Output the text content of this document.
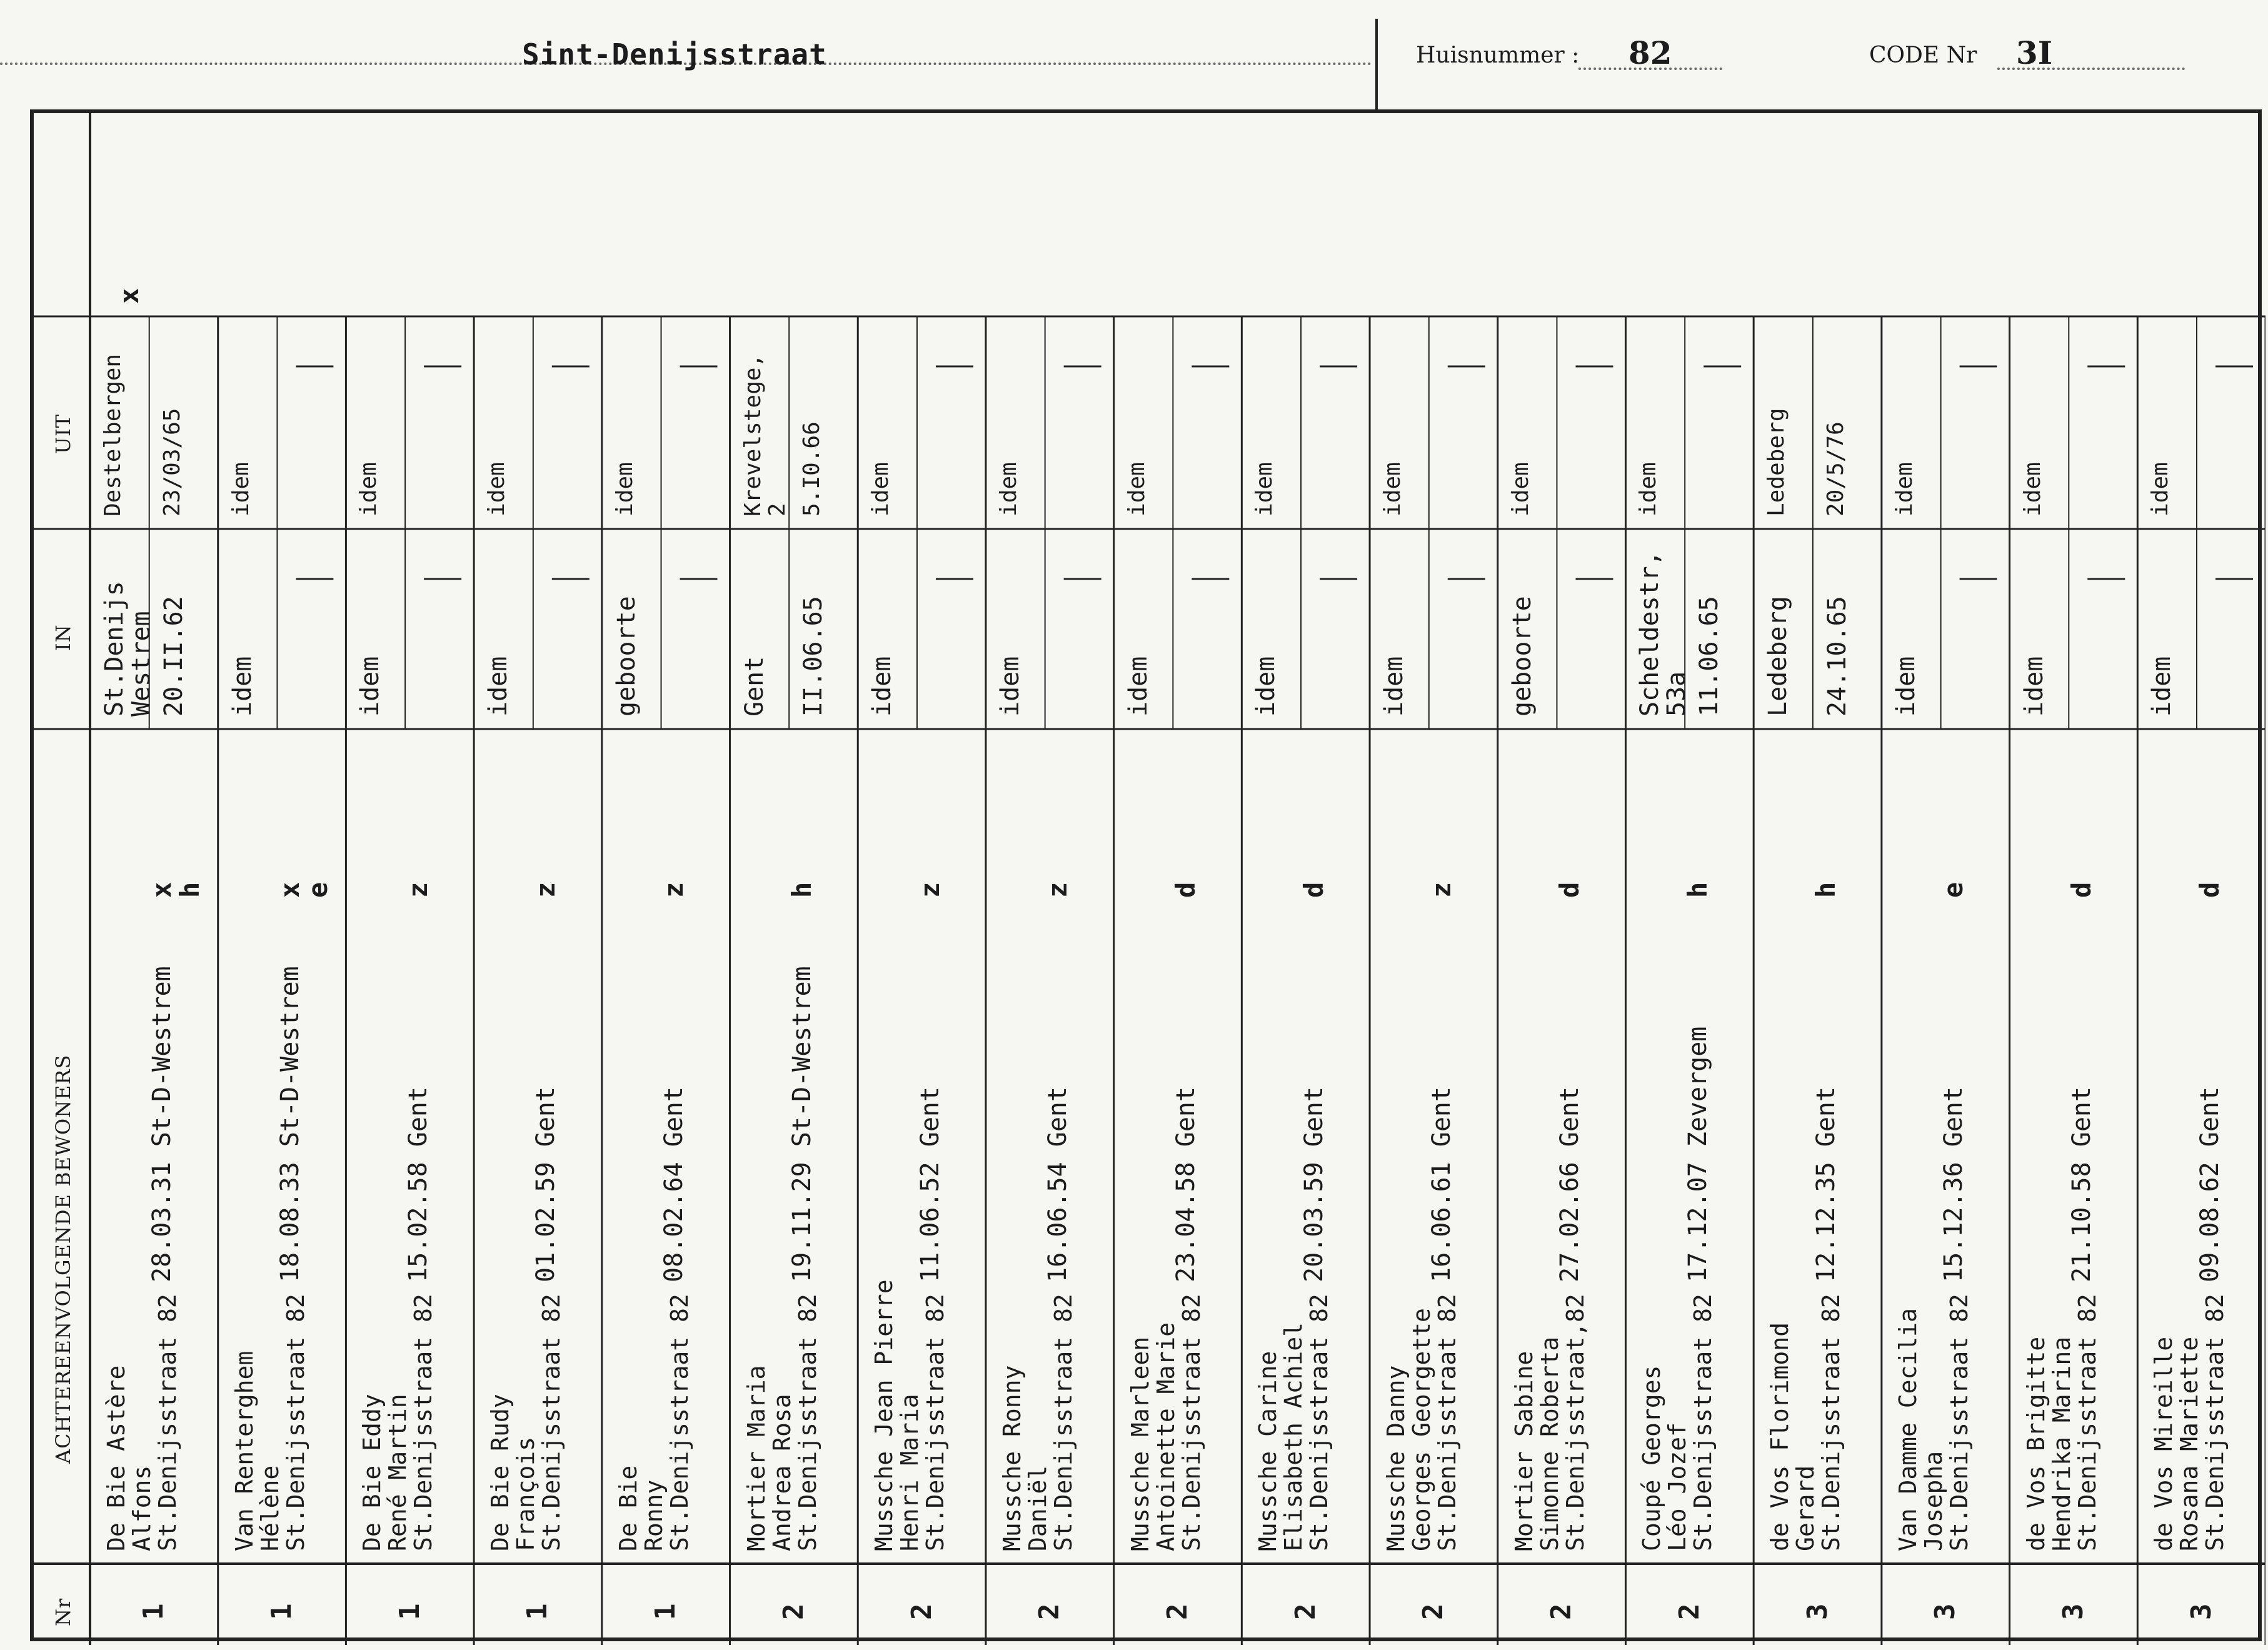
Sint-Denijsstraat	Huisnummer : 82	CODE Nr 3I
Nr
ACHTEREENVOLGENDE BEWONERS
IN
UIT
1
De Bie Astère
Alfons
St.Denijsstraat 82
28.03.31 St-D-Westrem
x
h
St.Denijs
Westrem 20.II.62
Destelbergen 23/03/65
x
1
Van Renterghem
Hélène
St.Denijsstraat 82
18.08.33 St-D-Westrem
x
e
idem
idem
1
De Bie Eddy
René Martin
St.Denijsstraat 82
15.02.58 Gent
z
idem
idem
1
De Bie Rudy
François
St.Denijsstraat 82
01.02.59 Gent
z
idem
idem
1
De Bie
Ronny
St.Denijsstraat 82
08.02.64 Gent
z
geboorte
idem
2
Mortier Maria
Andrea Rosa
St.Denijsstraat 82
19.11.29 St-D-Westrem
h
Gent II.06.65
Krevelstege,
2 5.I0.66
2
Mussche Jean Pierre
Henri Maria
St.Denijsstraat 82
11.06.52 Gent
z
idem
idem
2
Mussche Ronny
Daniël
St.Denijsstraat 82
16.06.54 Gent
z
idem
idem
2
Mussche Marleen
Antoinette Marie
St.Denijsstraat 82
23.04.58 Gent
d
idem
idem
2
Mussche Carine
Elisabeth Achiel
St.Denijsstraat 82
20.03.59 Gent
d
idem
idem
2
Mussche Danny
Georges Georgette
St.Denijsstraat 82
16.06.61 Gent
z
idem
idem
2
Mortier Sabine
Simonne Roberta
St.Denijsstraat,82
27.02.66 Gent
d
geboorte
idem
2
Coupé Georges
Léo Jozef
St.Denijsstraat 82
17.12.07 Zevergem
h
Scheldestr,
53a 11.06.65
idem
3
de Vos Florimond
Gerard
St.Denijsstraat 82
12.12.35 Gent
h
Ledeberg 24.10.65
Ledeberg 20/5/76
3
Van Damme Cecilia
Josepha
St.Denijsstraat 82
15.12.36 Gent
e
idem
idem
3
de Vos Brigitte
Hendrika Marina
St.Denijsstraat 82
21.10.58 Gent
d
idem
idem
3
de Vos Mireille
Rosana Mariette
St.Denijsstraat 82
09.08.62 Gent
d
idem
idem
